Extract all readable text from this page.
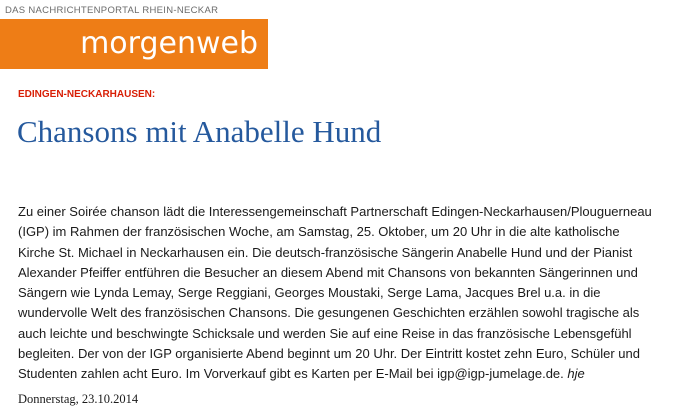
DAS NACHRICHTENPORTAL RHEIN-NECKAR
morgenweb
EDINGEN-NECKARHAUSEN:
Chansons mit Anabelle Hund
Zu einer Soirée chanson lädt die Interessengemeinschaft Partnerschaft Edingen-Neckarhausen/Plouguerneau
(IGP) im Rahmen der französischen Woche, am Samstag, 25. Oktober, um 20 Uhr in die alte katholische
Kirche St. Michael in Neckarhausen ein. Die deutsch-französische Sängerin Anabelle Hund und der Pianist
Alexander Pfeiffer entführen die Besucher an diesem Abend mit Chansons von bekannten Sängerinnen und
Sängern wie Lynda Lemay, Serge Reggiani, Georges Moustaki, Serge Lama, Jacques Brel u.a. in die
wundervolle Welt des französischen Chansons. Die gesungenen Geschichten erzählen sowohl tragische als
auch leichte und beschwingte Schicksale und werden Sie auf eine Reise in das französische Lebensgefühl
begleiten. Der von der IGP organisierte Abend beginnt um 20 Uhr. Der Eintritt kostet zehn Euro, Schüler und
Studenten zahlen acht Euro. Im Vorverkauf gibt es Karten per E-Mail bei igp@igp-jumelage.de. hje
Donnerstag, 23.10.2014
